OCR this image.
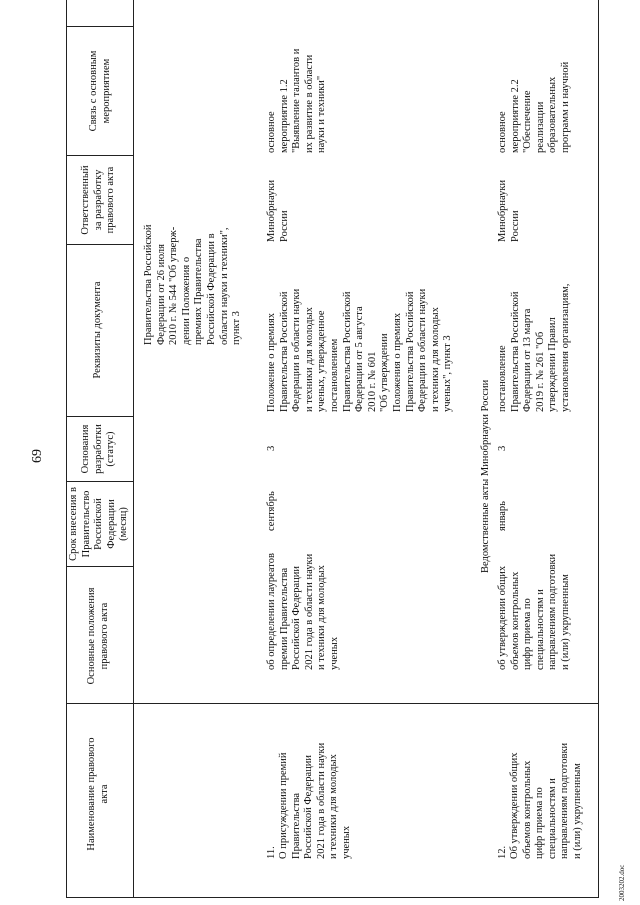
69
2003202.doc
Наименование правового акта
Основные положения
правового акта
Срок внесения в
Правительство
Российской
Федерации
(месяц)
Основания
разработки
(статус)
Реквизиты документа
Ответственный
за разработку
правового акта
Связь с основным
мероприятием
Правительства Российской
Федерации от 26 июля
2010 г. № 544 "Об утверж-
дении Положения о
премиях Правительства
Российской Федерации в
области науки и техники",
пункт 3
11. О присуждении премий
Правительства
Российской Федерации
2021 года в области науки
и техники для молодых
ученых
об определении лауреатов
премии Правительства
Российской Федерации
2021 года в области науки
и техники для молодых
ученых
сентябрь
3
Положение о премиях
Правительства Российской
Федерации в области науки
и техники для молодых
ученых, утвержденное
постановлением
Правительства Российской
Федерации от 5 августа
2010 г. № 601
"Об утверждении
Положения о премиях
Правительства Российской
Федерации в области науки
и техники для молодых
ученых", пункт 3
Минобрнауки
России
основное
мероприятие 1.2
"Выявление талантов и
их развитие в области
науки и техники"
Ведомственные акты Минобрнауки России
12. Об утверждении общих
объемов контрольных
цифр приема по
специальностям и
направлениям подготовки
и (или) укрупненным
об утверждении общих
объемов контрольных
цифр приема по
специальностям и
направлениям подготовки
и (или) укрупненным
январь
3
постановление
Правительства Российской
Федерации от 13 марта
2019 г. № 261 "Об
утверждении Правил
установления организациям,
Минобрнауки
России
основное
мероприятие 2.2
"Обеспечение
реализации
образовательных
программ и научной
